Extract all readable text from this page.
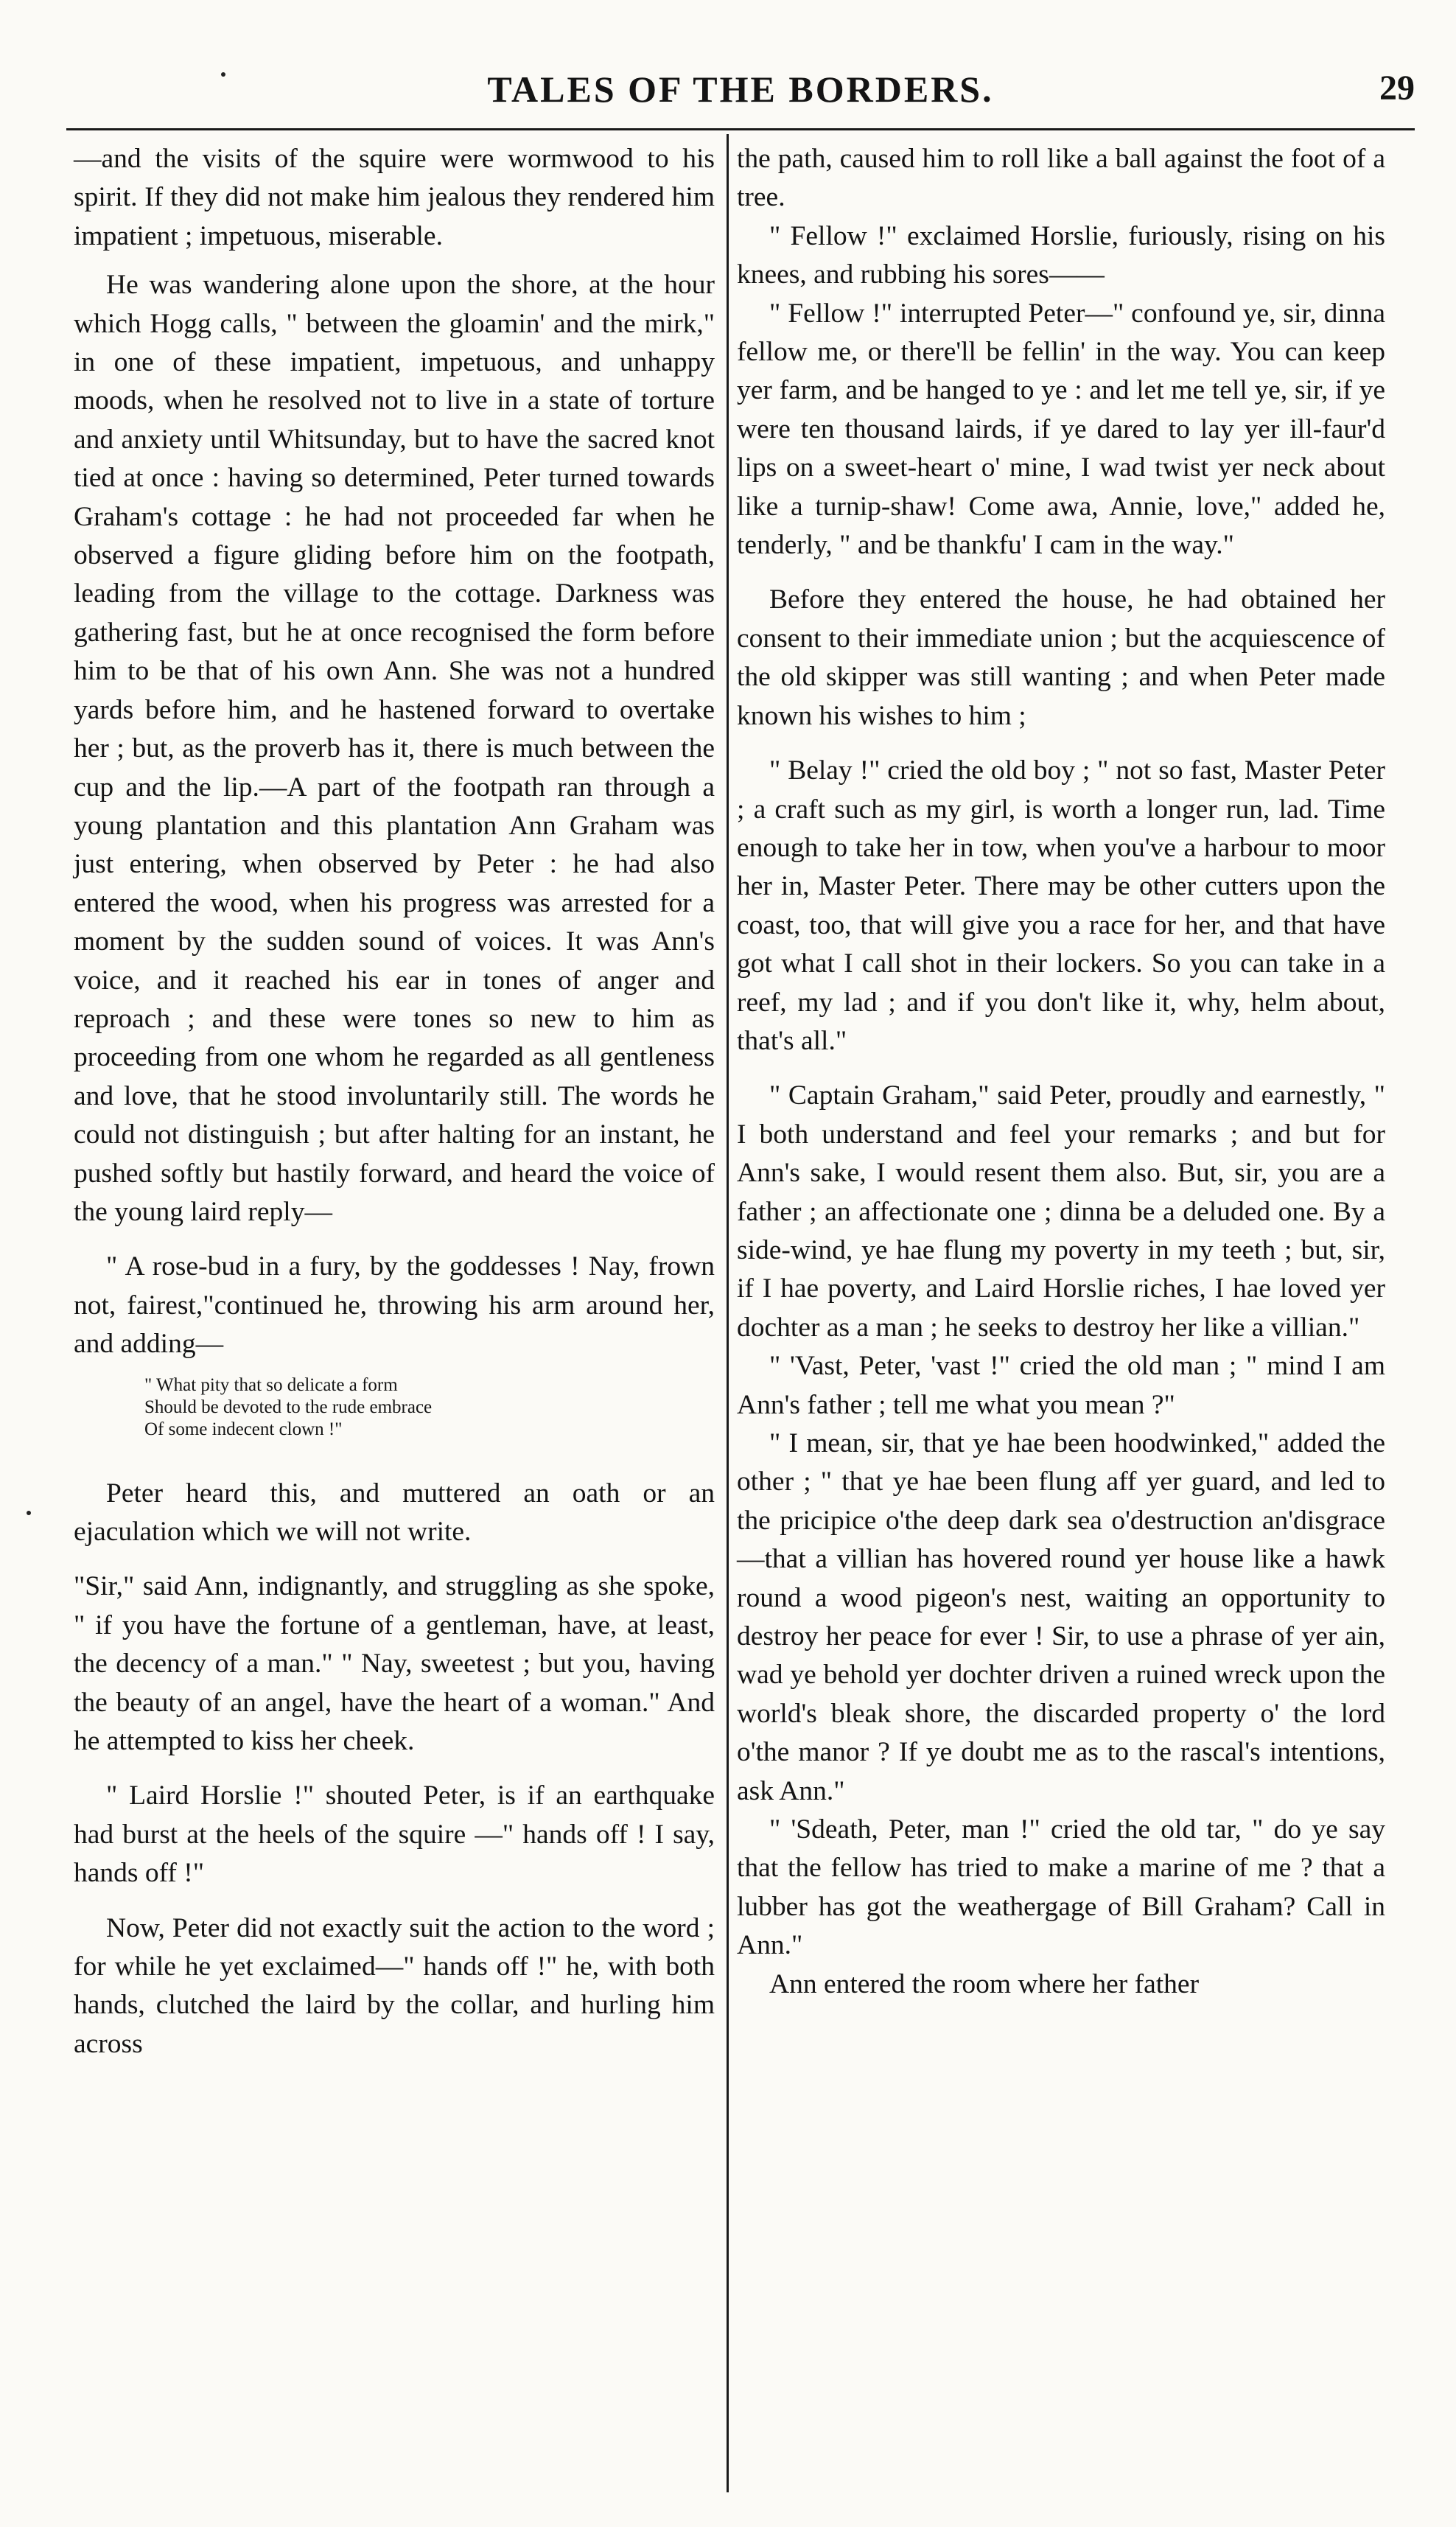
TALES OF THE BORDERS.	29

—and the visits of the squire were wormwood to his spirit. If they did not make him jealous they rendered him impatient ; impetuous, miserable.

He was wandering alone upon the shore, at the hour which Hogg calls, " between the gloamin' and the mirk," in one of these impatient, impetuous, and unhappy moods, when he resolved not to live in a state of torture and anxiety until Whitsunday, but to have the sacred knot tied at once : having so determined, Peter turned towards Graham's cottage : he had not proceeded far when he observed a figure gliding before him on the footpath, leading from the village to the cottage. Darkness was gathering fast, but he at once recognised the form before him to be that of his own Ann. She was not a hundred yards before him, and he hastened forward to overtake her ; but, as the proverb has it, there is much between the cup and the lip.—A part of the footpath ran through a young plantation and this plantation Ann Graham was just entering, when observed by Peter : he had also entered the wood, when his progress was arrested for a moment by the sudden sound of voices. It was Ann's voice, and it reached his ear in tones of anger and reproach ; and these were tones so new to him as proceeding from one whom he regarded as all gentleness and love, that he stood involuntarily still. The words he could not distinguish ; but after halting for an instant, he pushed softly but hastily forward, and heard the voice of the young laird reply—

" A rose-bud in a fury, by the goddesses ! Nay, frown not, fairest,"continued he, throwing his arm around her, and adding—

" What pity that so delicate a form
Should be devoted to the rude embrace
Of some indecent clown !"

Peter heard this, and muttered an oath or an ejaculation which we will not write.

"Sir," said Ann, indignantly, and struggling as she spoke, " if you have the fortune of a gentleman, have, at least, the decency of a man." " Nay, sweetest ; but you, having the beauty of an angel, have the heart of a woman." And he attempted to kiss her cheek.

" Laird Horslie !" shouted Peter, is if an earthquake had burst at the heels of the squire —" hands off ! I say, hands off !"

Now, Peter did not exactly suit the action to the word ; for while he yet exclaimed—" hands off !" he, with both hands, clutched the laird by the collar, and hurling him across

the path, caused him to roll like a ball against the foot of a tree.

" Fellow !" exclaimed Horslie, furiously, rising on his knees, and rubbing his sores——

" Fellow !" interrupted Peter—" confound ye, sir, dinna fellow me, or there'll be fellin' in the way. You can keep yer farm, and be hanged to ye : and let me tell ye, sir, if ye were ten thousand lairds, if ye dared to lay yer ill-faur'd lips on a sweet-heart o' mine, I wad twist yer neck about like a turnip-shaw! Come awa, Annie, love," added he, tenderly, " and be thankfu' I cam in the way."

Before they entered the house, he had obtained her consent to their immediate union ; but the acquiescence of the old skipper was still wanting ; and when Peter made known his wishes to him ;

" Belay !" cried the old boy ; " not so fast, Master Peter ; a craft such as my girl, is worth a longer run, lad. Time enough to take her in tow, when you've a harbour to moor her in, Master Peter. There may be other cutters upon the coast, too, that will give you a race for her, and that have got what I call shot in their lockers. So you can take in a reef, my lad ; and if you don't like it, why, helm about, that's all."

" Captain Graham," said Peter, proudly and earnestly, " I both understand and feel your remarks ; and but for Ann's sake, I would resent them also. But, sir, you are a father ; an affectionate one ; dinna be a deluded one. By a side-wind, ye hae flung my poverty in my teeth ; but, sir, if I hae poverty, and Laird Horslie riches, I hae loved yer dochter as a man ; he seeks to destroy her like a villian."

" 'Vast, Peter, 'vast !" cried the old man ; " mind I am Ann's father ; tell me what you mean ?"

" I mean, sir, that ye hae been hoodwinked," added the other ; " that ye hae been flung aff yer guard, and led to the pricipice o'the deep dark sea o'destruction an'disgrace —that a villian has hovered round yer house like a hawk round a wood pigeon's nest, waiting an opportunity to destroy her peace for ever ! Sir, to use a phrase of yer ain, wad ye behold yer dochter driven a ruined wreck upon the world's bleak shore, the discarded property o' the lord o'the manor ? If ye doubt me as to the rascal's intentions, ask Ann."

" 'Sdeath, Peter, man !" cried the old tar, " do ye say that the fellow has tried to make a marine of me ? that a lubber has got the weathergage of Bill Graham? Call in Ann."

Ann entered the room where her father
